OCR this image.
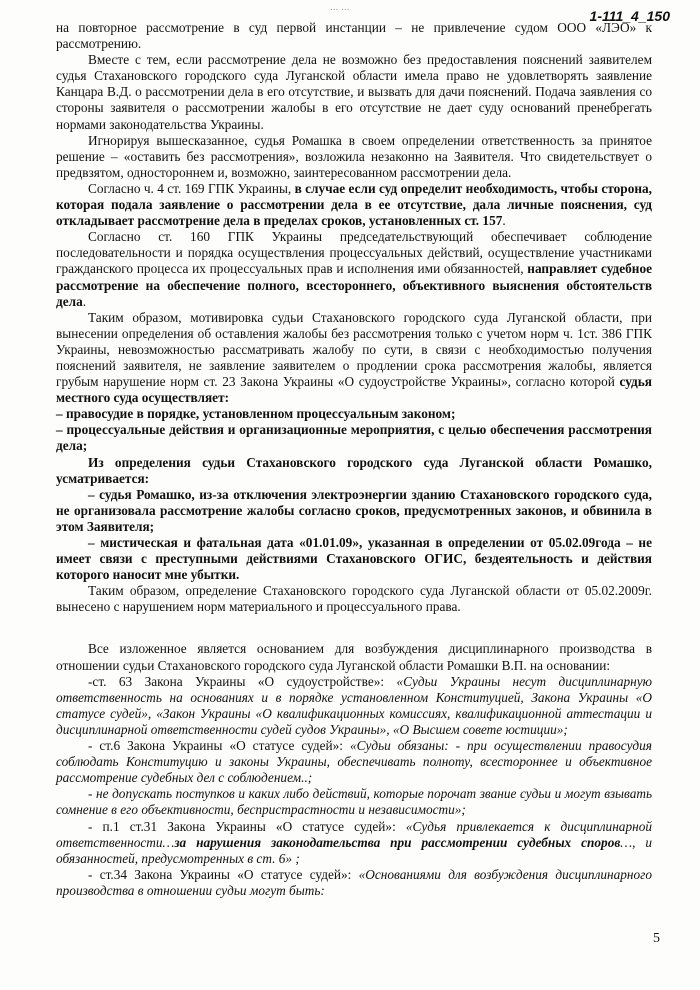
... ...
1-111_4_150

на повторное рассмотрение в суд первой инстанции – не привлечение судом ООО «ЛЭО» к рассмотрению.

Вместе с тем, если рассмотрение дела не возможно без предоставления пояснений заявителем судья Стахановского городского суда Луганской области имела право не удовлетворять заявление Канцара В.Д. о рассмотрении дела в его отсутствие, и вызвать для дачи пояснений. Подача заявления со стороны заявителя о рассмотрении жалобы в его отсутствие не дает суду оснований пренебрегать нормами законодательства Украины.

Игнорируя вышесказанное, судья Ромашка в своем определении ответственность за принятое решение – «оставить без рассмотрения», возложила незаконно на Заявителя. Что свидетельствует о предвзятом, одностороннем и, возможно, заинтересованном рассмотрении дела.

Согласно ч. 4 ст. 169 ГПК Украины, в случае если суд определит необходимость, чтобы сторона, которая подала заявление о рассмотрении дела в ее отсутствие, дала личные пояснения, суд откладывает рассмотрение дела в пределах сроков, установленных ст. 157.

Согласно ст. 160 ГПК Украины председательствующий обеспечивает соблюдение последовательности и порядка осуществления процессуальных действий, осуществление участниками гражданского процесса их процессуальных прав и исполнения ими обязанностей, направляет судебное рассмотрение на обеспечение полного, всестороннего, объективного выяснения обстоятельств дела.

Таким образом, мотивировка судьи Стахановского городского суда Луганской области, при вынесении определения об оставления жалобы без рассмотрения только с учетом норм ч. 1ст. 386 ГПК Украины, невозможностью рассматривать жалобу по сути, в связи с необходимостью получения пояснений заявителя, не заявление заявителем о продлении срока рассмотрения жалобы, является грубым нарушение норм ст. 23 Закона Украины «О судоустройстве Украины», согласно которой судья местного суда осуществляет:

– правосудие в порядке, установленном процессуальным законом;

– процессуальные действия и организационные мероприятия, с целью обеспечения рассмотрения дела;

Из определения судьи Стахановского городского суда Луганской области Ромашко, усматривается:

– судья Ромашко, из-за отключения электроэнергии зданию Стахановского городского суда, не организовала рассмотрение жалобы согласно сроков, предусмотренных законов, и обвинила в этом Заявителя;

– мистическая и фатальная дата «01.01.09», указанная в определении от 05.02.09года – не имеет связи с преступными действиями Стахановского ОГИС, бездеятельность и действия которого наносит мне убытки.

Таким образом, определение Стахановского городского суда Луганской области от 05.02.2009г. вынесено с нарушением норм материального и процессуального права.

Все изложенное является основанием для возбуждения дисциплинарного производства в отношении судьи Стахановского городского суда Луганской области Ромашки В.П. на основании:

-ст. 63 Закона Украины «О судоустройстве»: «Судьи Украины несут дисциплинарную ответственность на основаниях и в порядке установленном Конституцией, Закона Украины «О статусе судей», «Закон Украины «О квалификационных комиссиях, квалификационной аттестации и дисциплинарной ответственности судей судов Украины», «О Высшем совете юстиции»;

- ст.6 Закона Украины «О статусе судей»: «Судьи обязаны: - при осуществлении правосудия соблюдать Конституцию и законы Украины, обеспечивать полноту, всестороннее и объективное рассмотрение судебных дел с соблюдением..;

- не допускать поступков и каких либо действий, которые порочат звание судьи и могут взывать сомнение в его объективности, беспристрастности и независимости»;

- п.1 ст.31 Закона Украины «О статусе судей»: «Судья привлекается к дисциплинарной ответственности…за нарушения законодательства при рассмотрении судебных споров…, и обязанностей, предусмотренных в ст. 6» ;

- ст.34 Закона Украины «О статусе судей»: «Основаниями для возбуждения дисциплинарного производства в отношении судьи могут быть:

5
